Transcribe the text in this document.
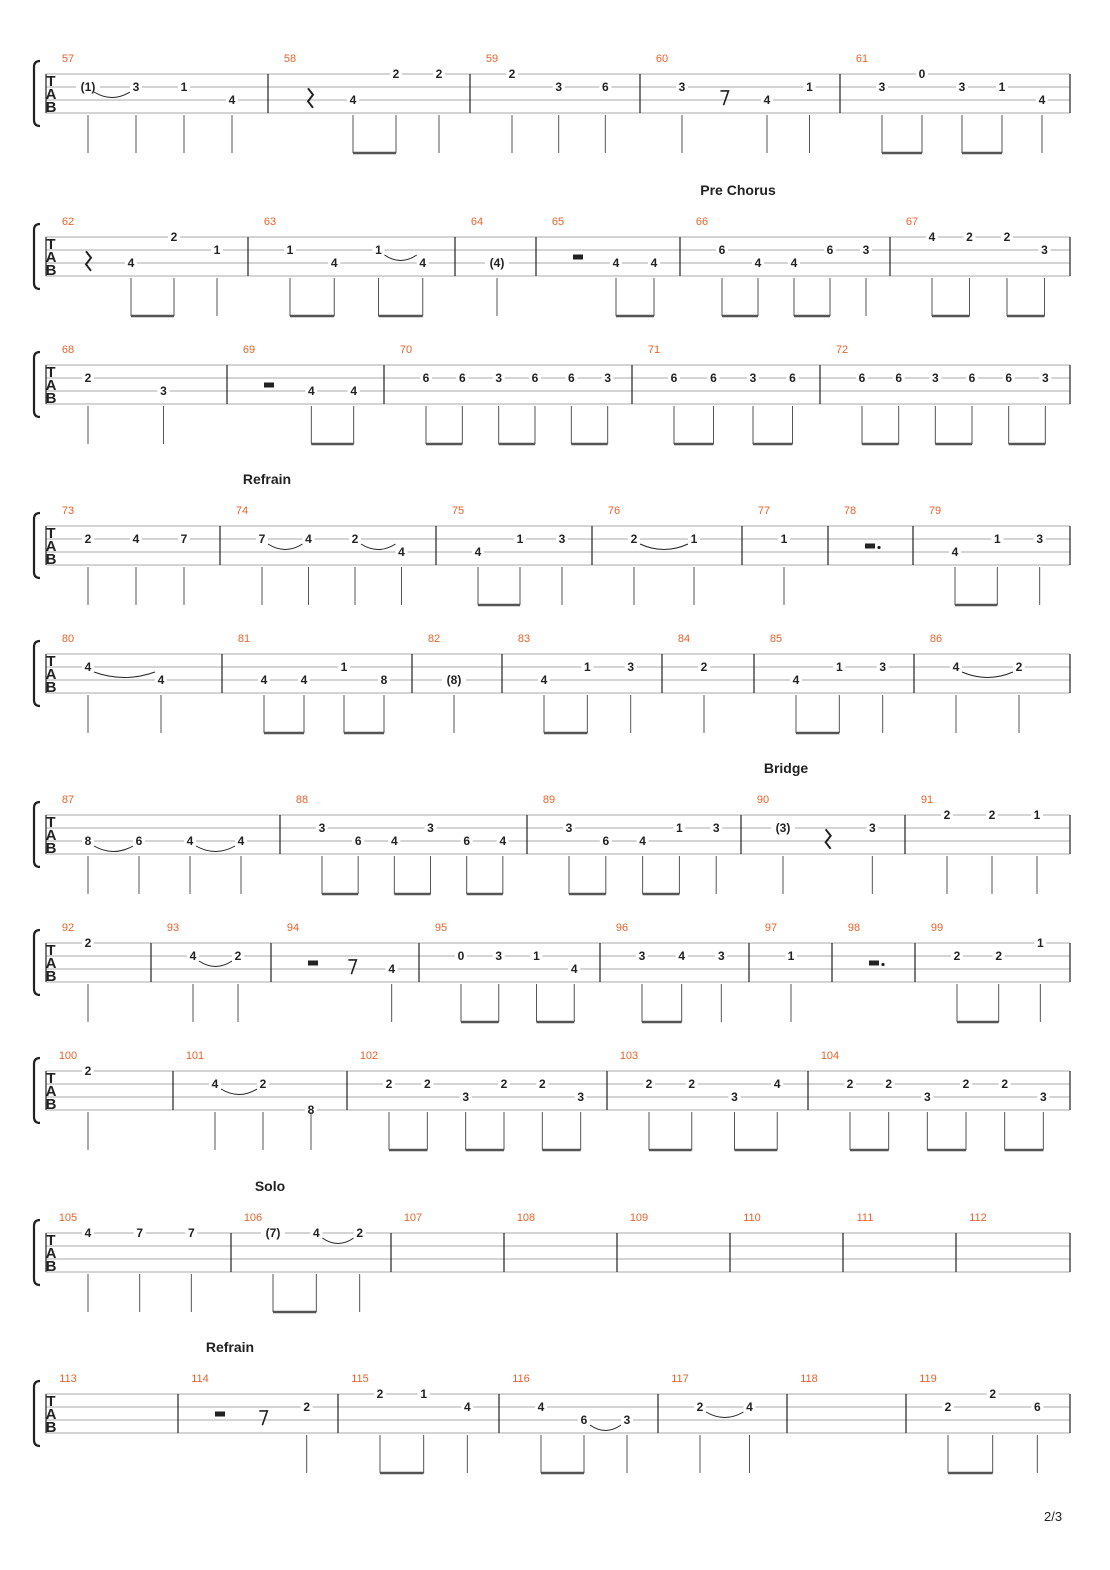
T
A
B
57
(1)	3	1
4
58
4
2	2
59
2
3	6
60
3
4
1
61
3
0
3	1
4
T
A
B
Pre Chorus
62
4
2
1
63
1
4
1
4
64
(4)
65
4	4
66
6
4 4
6 3
67
4	2	2
3
T
A
B
68
2
3
69
4	4
70
6 6 3 6 6 3
71
6	6	3	6
72
6 6 3 6 6 3
T
A
B
Refrain
73
2	4	7
74
7	4	2
4
75
4
1	3
76
2	1
77
1
78	79
4
1	3
T
A
B
80
4
4
81
4	4
1
8
82
(8)
83
4
1	3
84
2
85
4
1	3
86
4	2
T
A
B
Bridge
87
8	6	4	4
88
3
6 4
3
6 4
89
3
6	4
1	3
90
(3)	3
91
2	2	1
T
A
B
92
2
93
4	2
94
4
95
0	3	1
4
96
3	4	3
97
1
98	99
2	2
1
T
A
B
100
2
101
4	2
8
102
2	2
3
2	2
3
103
2	2
3
4
104
2	2
3
2	2
3
T
A
B
Solo
105
4	7	7
106
(7)	4	2
107	108	109	110	111	112
T
A
B
Refrain
113	114
2
115
2	1
4
116
4
6	3
117
2	4
118	119
2
2
6
2/3
